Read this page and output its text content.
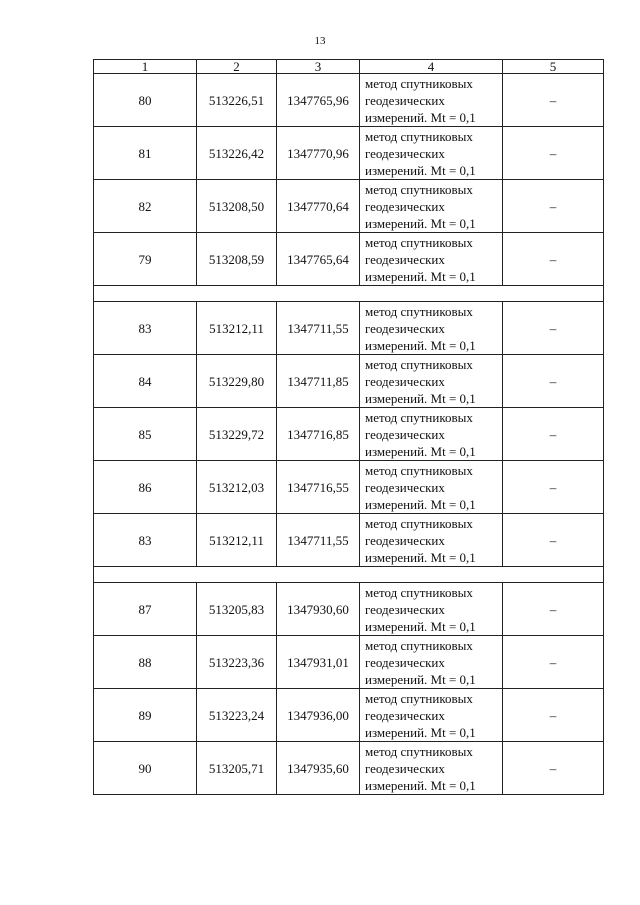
13
1	2	3	4	5
80	513226,51	1347765,96	метод спутниковых
геодезических
измерений. Mt = 0,1	–
81	513226,42	1347770,96	метод спутниковых
геодезических
измерений. Mt = 0,1	–
82	513208,50	1347770,64	метод спутниковых
геодезических
измерений. Mt = 0,1	–
79	513208,59	1347765,64	метод спутниковых
геодезических
измерений. Mt = 0,1	–

83	513212,11	1347711,55	метод спутниковых
геодезических
измерений. Mt = 0,1	–
84	513229,80	1347711,85	метод спутниковых
геодезических
измерений. Mt = 0,1	–
85	513229,72	1347716,85	метод спутниковых
геодезических
измерений. Mt = 0,1	–
86	513212,03	1347716,55	метод спутниковых
геодезических
измерений. Mt = 0,1	–
83	513212,11	1347711,55	метод спутниковых
геодезических
измерений. Mt = 0,1	–

87	513205,83	1347930,60	метод спутниковых
геодезических
измерений. Mt = 0,1	–
88	513223,36	1347931,01	метод спутниковых
геодезических
измерений. Mt = 0,1	–
89	513223,24	1347936,00	метод спутниковых
геодезических
измерений. Mt = 0,1	–
90	513205,71	1347935,60	метод спутниковых
геодезических
измерений. Mt = 0,1	–
